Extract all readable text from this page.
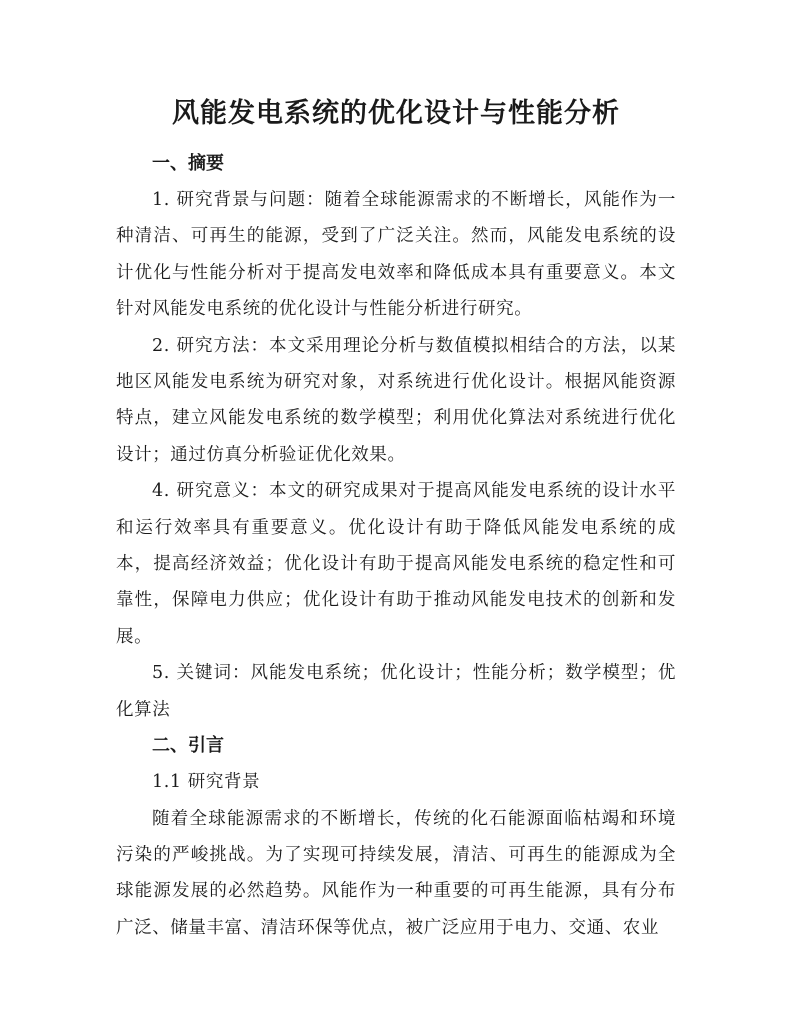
风能发电系统的优化设计与性能分析
一、摘要

1. 研究背景与问题：随着全球能源需求的不断增长，风能作为一种清洁、可再生的能源，受到了广泛关注。然而，风能发电系统的设计优化与性能分析对于提高发电效率和降低成本具有重要意义。本文针对风能发电系统的优化设计与性能分析进行研究。

2. 研究方法：本文采用理论分析与数值模拟相结合的方法，以某地区风能发电系统为研究对象，对系统进行优化设计。根据风能资源特点，建立风能发电系统的数学模型；利用优化算法对系统进行优化设计；通过仿真分析验证优化效果。

4. 研究意义：本文的研究成果对于提高风能发电系统的设计水平和运行效率具有重要意义。优化设计有助于降低风能发电系统的成本，提高经济效益；优化设计有助于提高风能发电系统的稳定性和可靠性，保障电力供应；优化设计有助于推动风能发电技术的创新和发展。

5. 关键词：风能发电系统；优化设计；性能分析；数学模型；优化算法

二、引言

1.1 研究背景

随着全球能源需求的不断增长，传统的化石能源面临枯竭和环境污染的严峻挑战。为了实现可持续发展，清洁、可再生的能源成为全球能源发展的必然趋势。风能作为一种重要的可再生能源，具有分布广泛、储量丰富、清洁环保等优点，被广泛应用于电力、交通、农业
